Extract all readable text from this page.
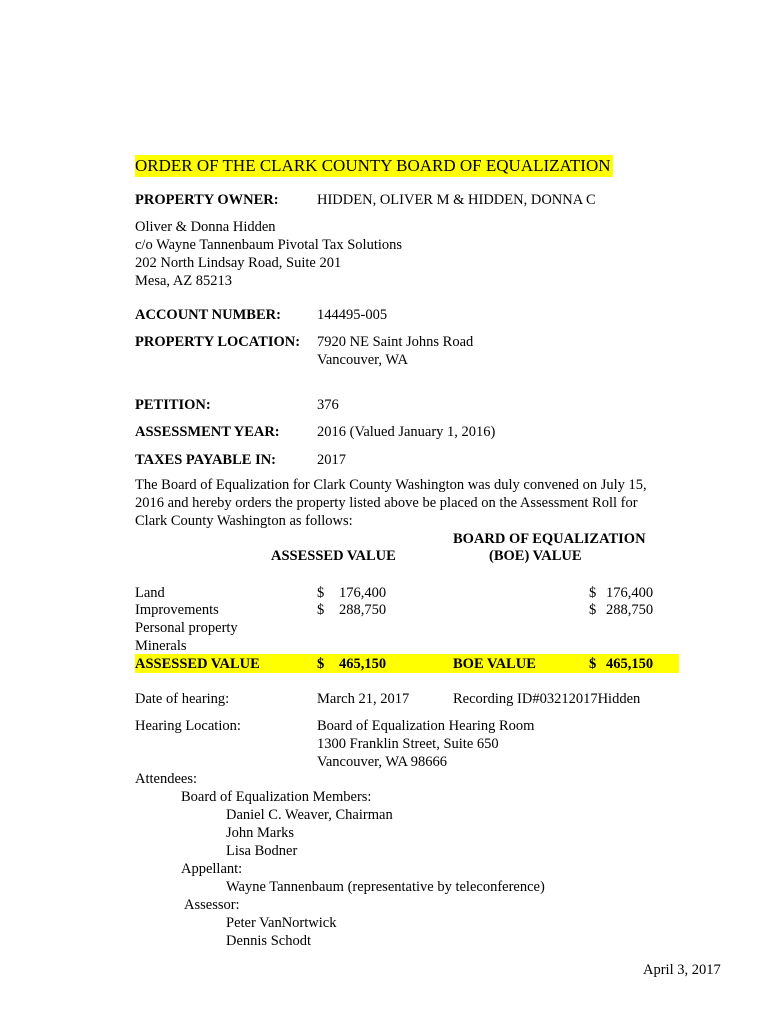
ORDER OF THE CLARK COUNTY BOARD OF EQUALIZATION
PROPERTY OWNER:	HIDDEN, OLIVER M & HIDDEN, DONNA C
Oliver & Donna Hidden
c/o Wayne Tannenbaum Pivotal Tax Solutions
202 North Lindsay Road, Suite 201
Mesa, AZ 85213
ACCOUNT NUMBER: 144495-005
PROPERTY LOCATION: 7920 NE Saint Johns Road
Vancouver, WA
PETITION:	376
ASSESSMENT YEAR:	2016 (Valued January 1, 2016)
TAXES PAYABLE IN:	2017
The Board of Equalization for Clark County Washington was duly convened on July 15,
2016 and hereby orders the property listed above be placed on the Assessment Roll for
Clark County Washington as follows:
BOARD OF EQUALIZATION
ASSESSED VALUE	(BOE) VALUE
Land	$ 176,400	$ 176,400
Improvements	$ 288,750	$ 288,750
Personal property
Minerals
ASSESSED VALUE	$ 465,150	BOE VALUE	$ 465,150
Date of hearing:	March 21, 2017	Recording ID#03212017Hidden
Hearing Location:	Board of Equalization Hearing Room
1300 Franklin Street, Suite 650
Vancouver, WA 98666
Attendees:
Board of Equalization Members:
Daniel C. Weaver, Chairman
John Marks
Lisa Bodner
Appellant:
Wayne Tannenbaum (representative by teleconference)
Assessor:
Peter VanNortwick
Dennis Schodt
April 3, 2017
